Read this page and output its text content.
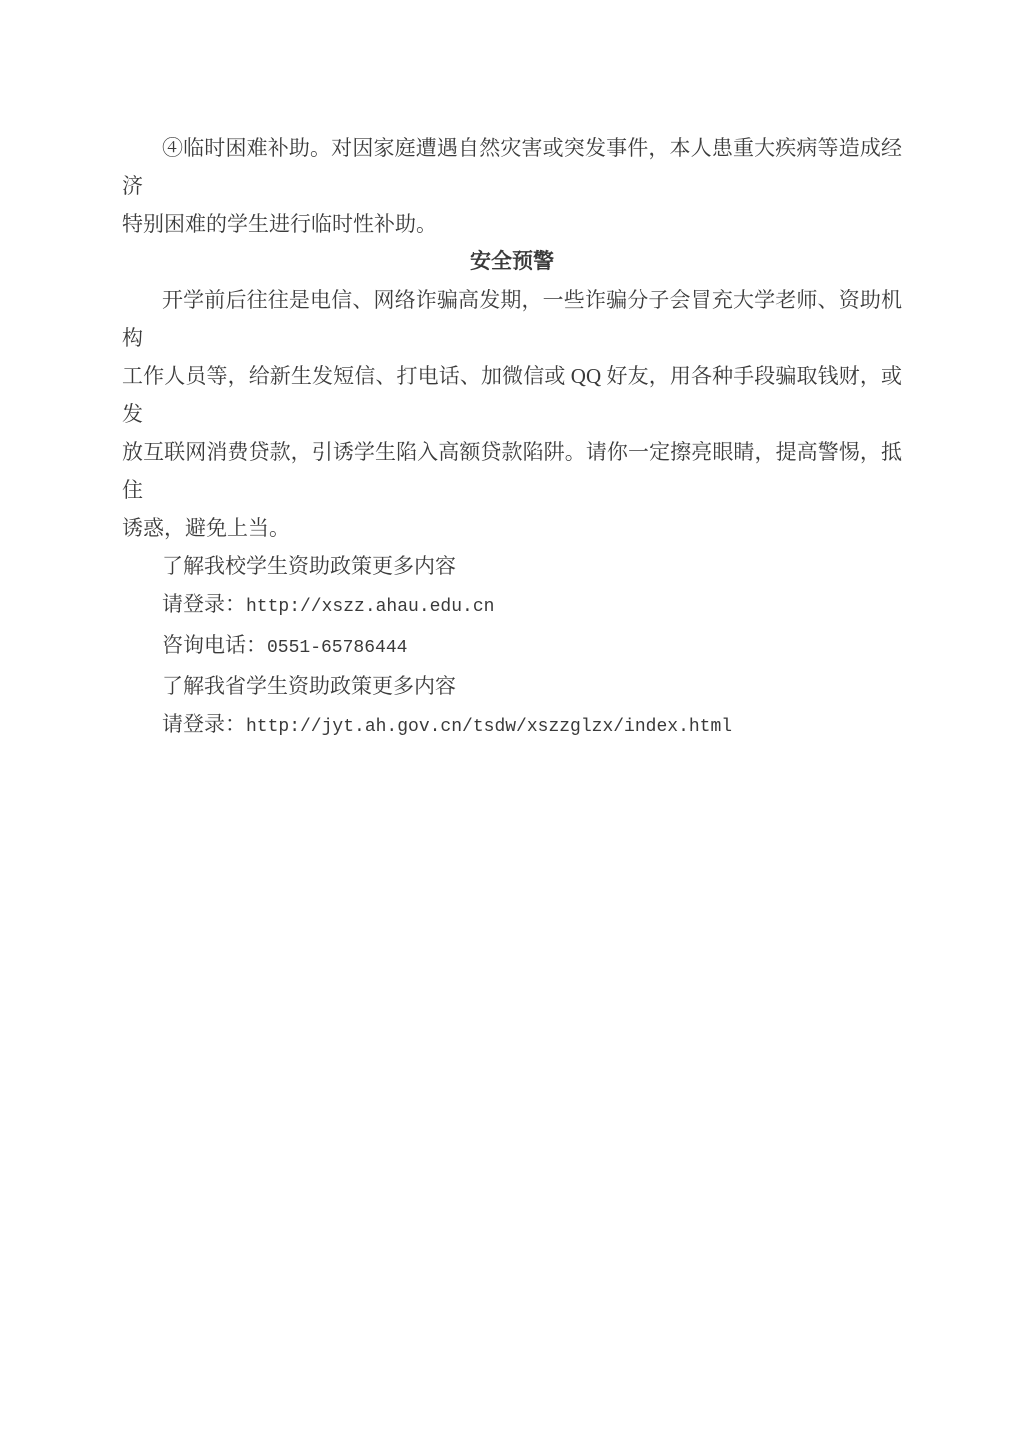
④临时困难补助。对因家庭遭遇自然灾害或突发事件，本人患重大疾病等造成经济

特别困难的学生进行临时性补助。

安全预警

开学前后往往是电信、网络诈骗高发期，一些诈骗分子会冒充大学老师、资助机构

工作人员等，给新生发短信、打电话、加微信或 QQ 好友，用各种手段骗取钱财，或发

放互联网消费贷款，引诱学生陷入高额贷款陷阱。请你一定擦亮眼睛，提高警惕，抵住

诱惑，避免上当。

了解我校学生资助政策更多内容

请登录：http://xszz.ahau.edu.cn

咨询电话：0551-65786444

了解我省学生资助政策更多内容

请登录：http://jyt.ah.gov.cn/tsdw/xszzglzx/index.html
